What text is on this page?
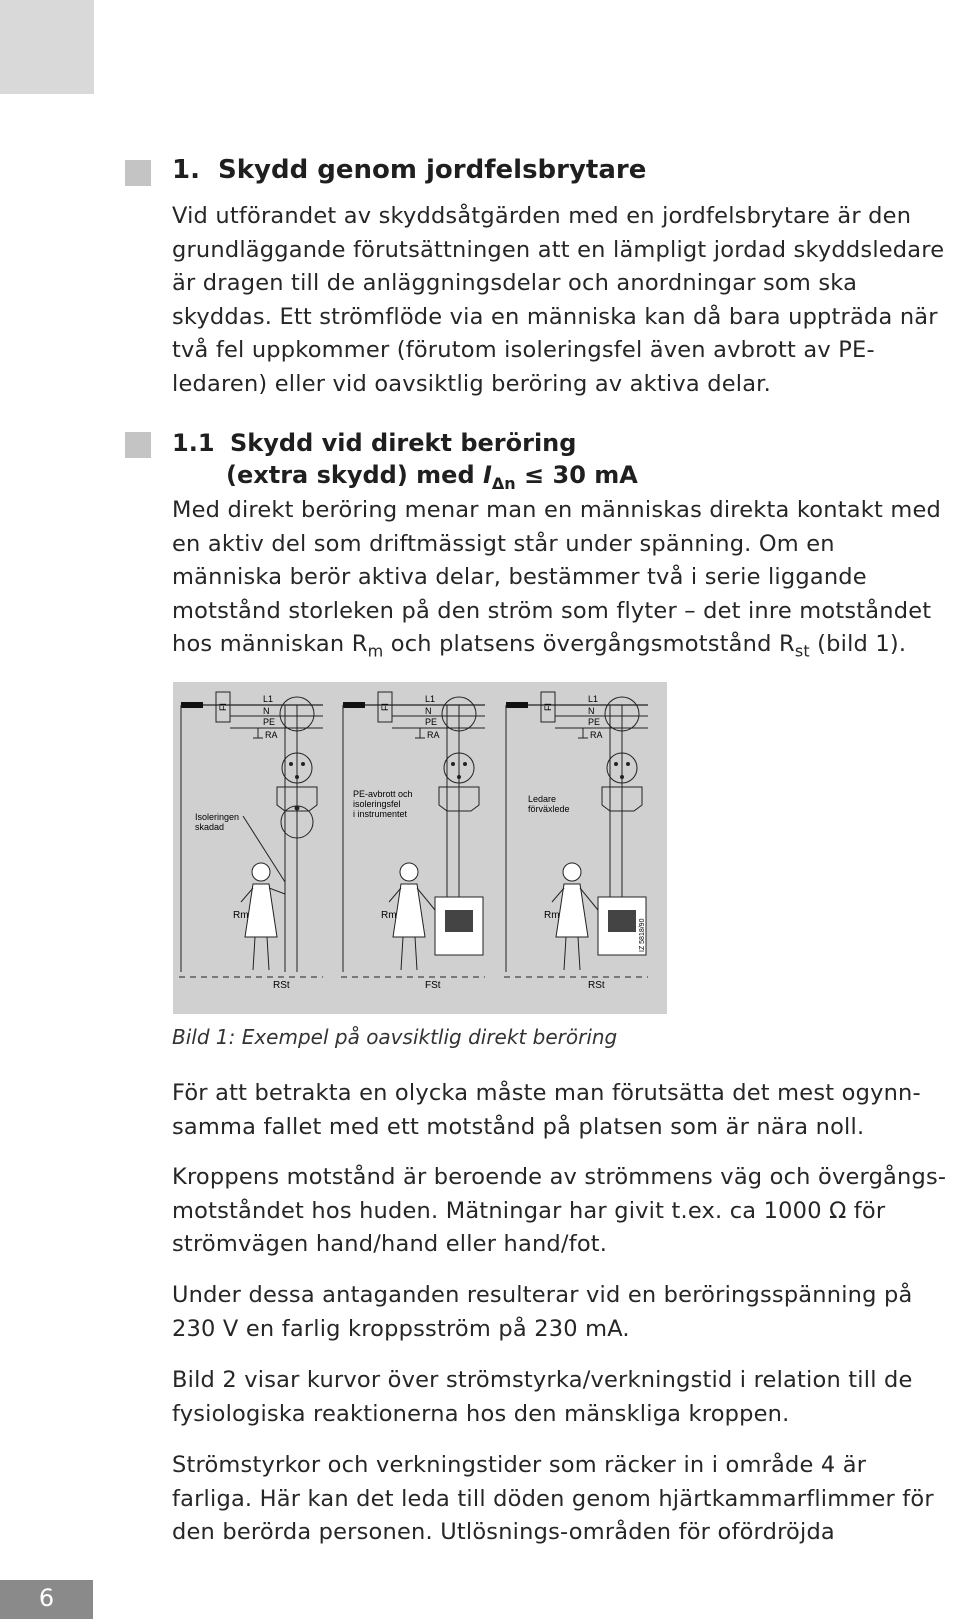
1. Skydd genom jordfelsbrytare
Vid utförandet av skyddsåtgärden med en jordfelsbrytare är den
grundläggande förutsättningen att en lämpligt jordad skyddsledare
är dragen till de anläggningsdelar och anordningar som ska
skyddas. Ett strömflöde via en människa kan då bara uppträda när
två fel uppkommer (förutom isoleringsfel även avbrott av PE-
ledaren) eller vid oavsiktlig beröring av aktiva delar.
1.1 Skydd vid direkt beröring
(extra skydd) med $I_{\Delta n} \le 30$ mA
Med direkt beröring menar man en människas direkta kontakt med
en aktiv del som driftmässigt står under spänning. Om en
människa berör aktiva delar, bestämmer två i serie liggande
motstånd storleken på den ström som flyter – det inre motståndet
hos människan $R_m$ och platsens övergångsmotstånd $R_{st}$ (bild 1).
FI
L1
N
PE
RA
Isoleringen
skadad
Rm
RSt
FI
L1
N
PE
RA
PE-avbrott och
isoleringsfel
i instrumentet
Rm
FSt
FI
L1
N
PE
RA
Ledare
förväxlede
IZ 5818/90
Rm
RSt
Bild 1: Exempel på oavsiktlig direkt beröring
För att betrakta en olycka måste man förutsätta det mest ogynn-
samma fallet med ett motstånd på platsen som är nära noll.
Kroppens motstånd är beroende av strömmens väg och övergångs-
motståndet hos huden. Mätningar har givit t.ex. ca 1000 Ω för
strömvägen hand/hand eller hand/fot.
Under dessa antaganden resulterar vid en beröringsspänning på
230 V en farlig kroppsström på 230 mA.
Bild 2 visar kurvor över strömstyrka/verkningstid i relation till de
fysiologiska reaktionerna hos den mänskliga kroppen.
Strömstyrkor och verkningstider som räcker in i område 4 är
farliga. Här kan det leda till döden genom hjärtkammarflimmer för
den berörda personen. Utlösnings-områden för ofördröjda
6
